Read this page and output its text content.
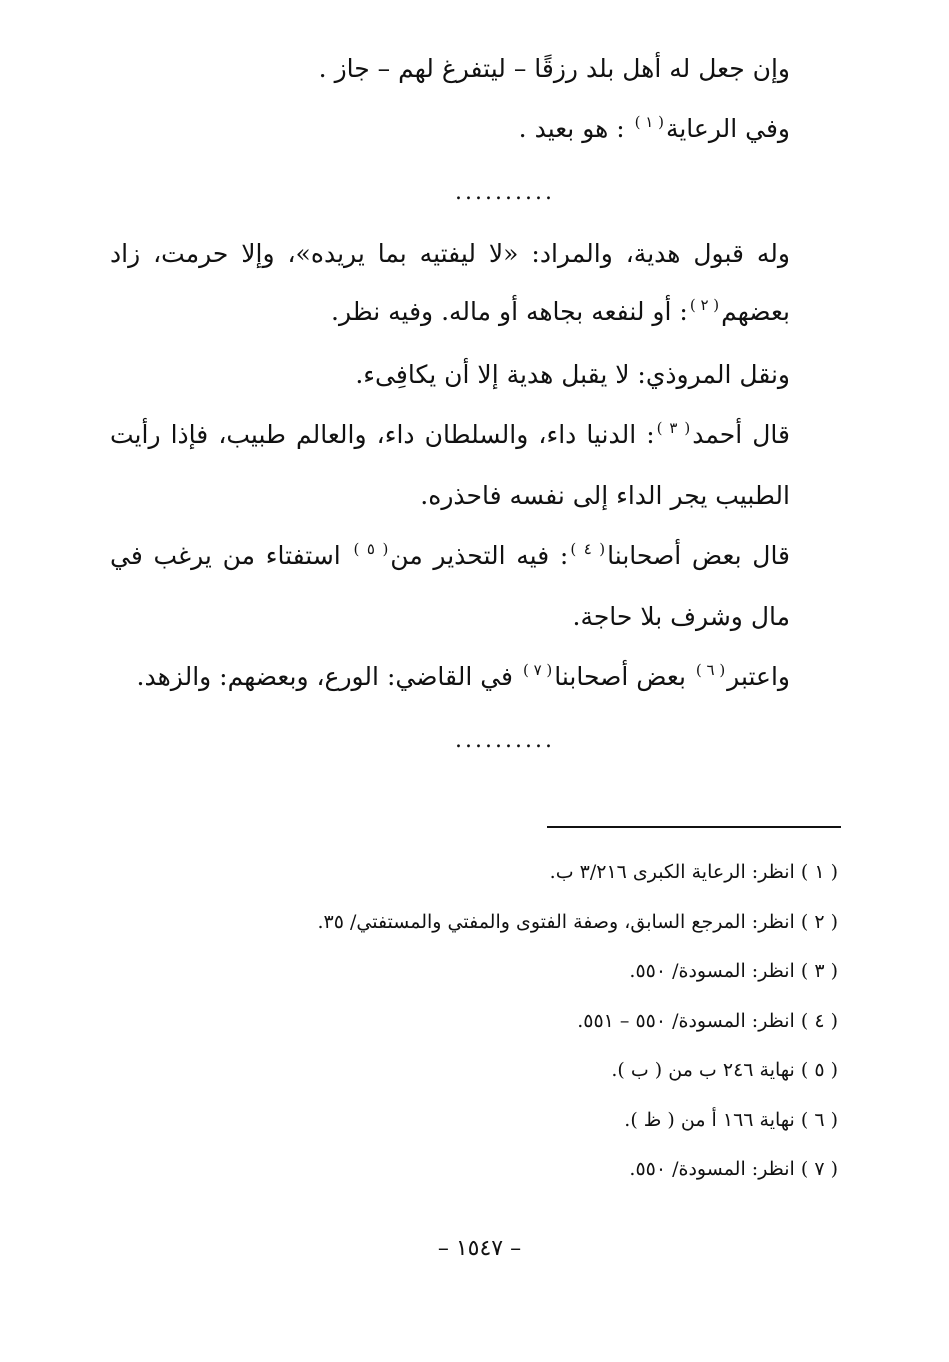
وإن جعل له أهل بلد رزقًا – ليتفرغ لهم – جاز .

وفي الرعاية$^{( ١ )}$ : هو بعيد .

..........

وله قبول هدية، والمراد: «لا ليفتيه بما يريده»، وإلا حرمت، زاد بعضهم$^{( ٢ )}$: أو لنفعه بجاهه أو ماله. وفيه نظر.

ونقل المروذي: لا يقبل هدية إلا أن يكافِىء.

قال أحمد$^{( ٣ )}$: الدنيا داء، والسلطان داء، والعالم طبيب، فإذا رأيت الطبيب يجر الداء إلى نفسه فاحذره.

قال بعض أصحابنا$^{( ٤ )}$: فيه التحذير من$^{( ٥ )}$ استفتاء من يرغب في مال وشرف بلا حاجة.

واعتبر$^{( ٦ )}$ بعض أصحابنا$^{( ٧ )}$ في القاضي: الورع، وبعضهم: والزهد.

..........
( ١ ) انظر: الرعاية الكبرى ٣/٢١٦ ب.
( ٢ ) انظر: المرجع السابق، وصفة الفتوى والمفتي والمستفتي/ ٣٥.
( ٣ ) انظر: المسودة/ ٥٥٠.
( ٤ ) انظر: المسودة/ ٥٥٠ – ٥٥١.
( ٥ ) نهاية ٢٤٦ ب من ( ب ).
( ٦ ) نهاية ١٦٦ أ من ( ظ ).
( ٧ ) انظر: المسودة/ ٥٥٠.
– ١٥٤٧ –
